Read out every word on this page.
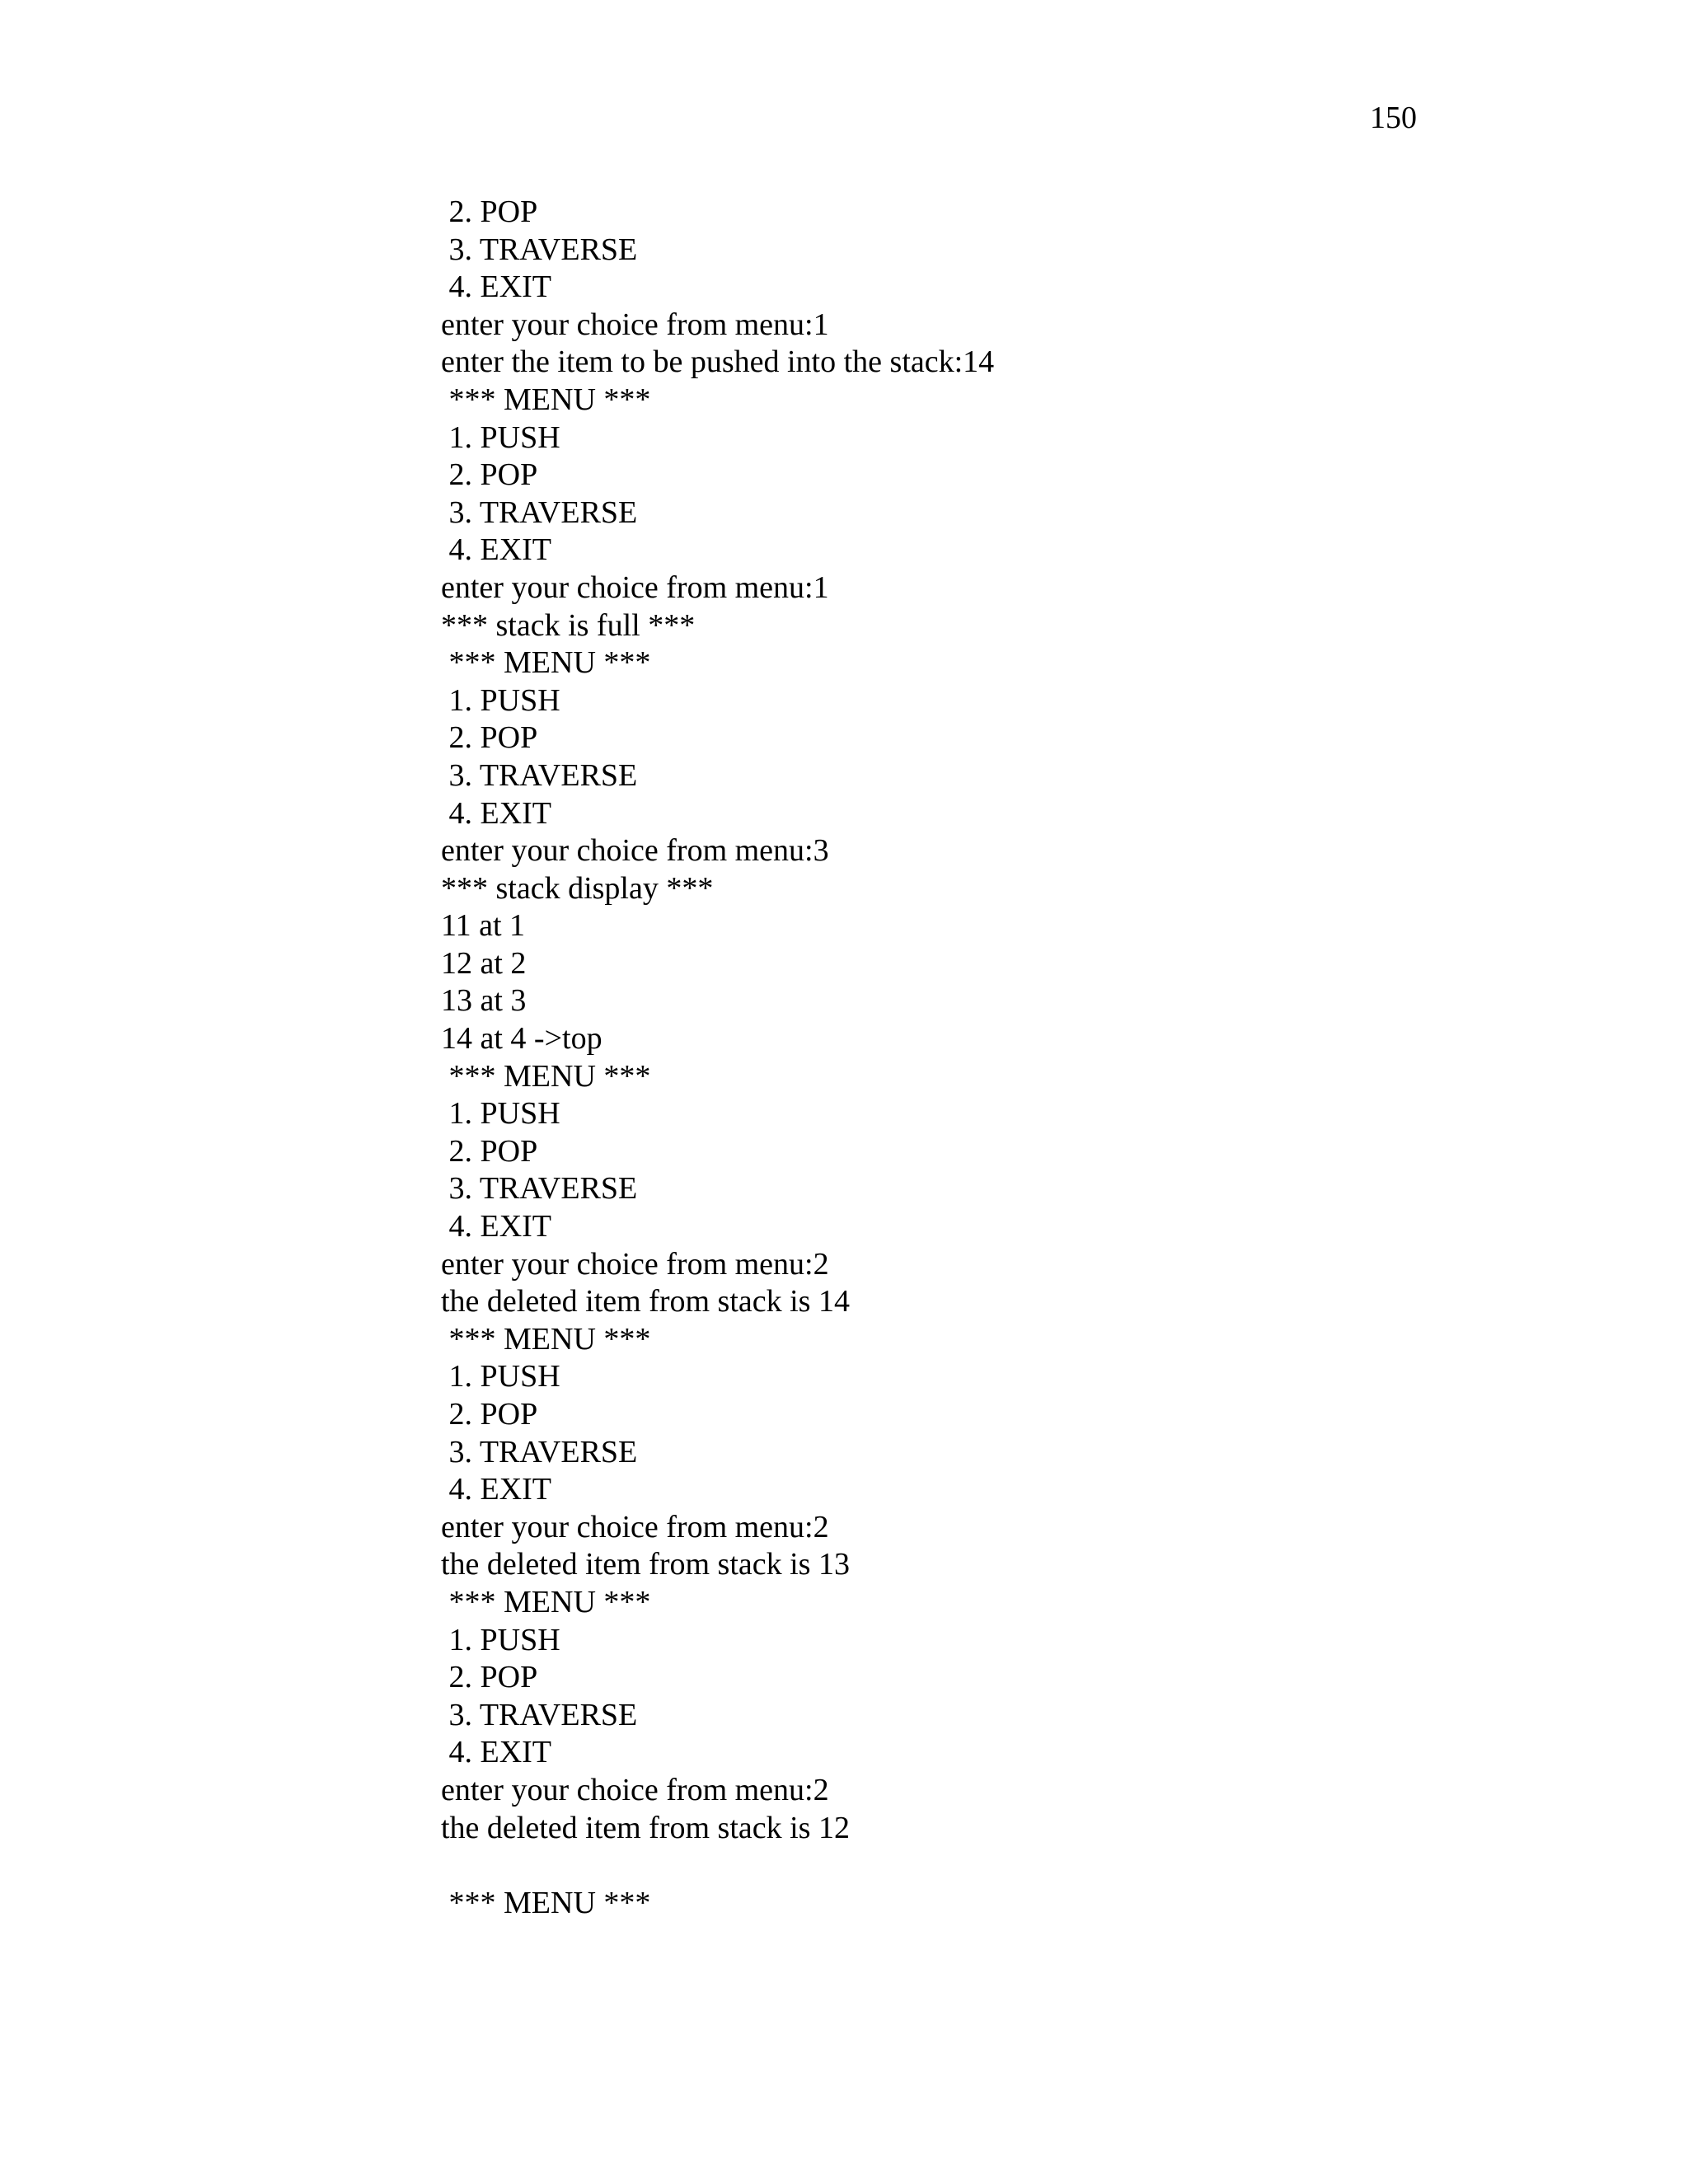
150
2. POP
3. TRAVERSE
4. EXIT
enter your choice from menu:1
enter the item to be pushed into the stack:14
*** MENU ***
1. PUSH
2. POP
3. TRAVERSE
4. EXIT
enter your choice from menu:1
*** stack is full ***
*** MENU ***
1. PUSH
2. POP
3. TRAVERSE
4. EXIT
enter your choice from menu:3
*** stack display ***
11 at 1
12 at 2
13 at 3
14 at 4 ->top
*** MENU ***
1. PUSH
2. POP
3. TRAVERSE
4. EXIT
enter your choice from menu:2
the deleted item from stack is 14
*** MENU ***
1. PUSH
2. POP
3. TRAVERSE
4. EXIT
enter your choice from menu:2
the deleted item from stack is 13
*** MENU ***
1. PUSH
2. POP
3. TRAVERSE
4. EXIT
enter your choice from menu:2
the deleted item from stack is 12
*** MENU ***
